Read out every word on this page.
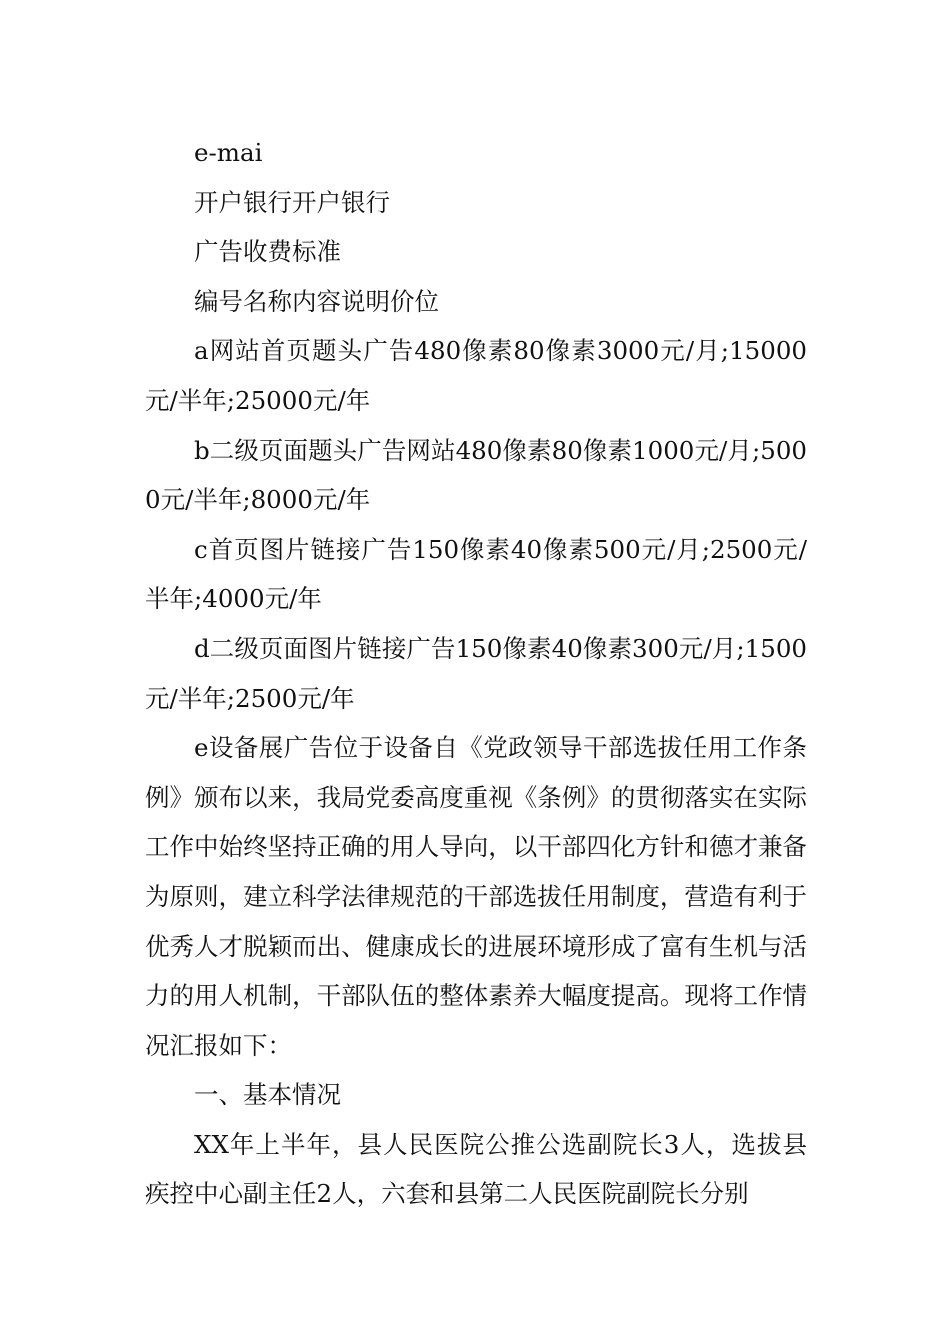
e-mai

开户银行开户银行

广告收费标准

编号名称内容说明价位

a网站首页题头广告480像素80像素3000元/月;15000元/半年;25000元/年

b二级页面题头广告网站480像素80像素1000元/月;5000元/半年;8000元/年

c首页图片链接广告150像素40像素500元/月;2500元/半年;4000元/年

d二级页面图片链接广告150像素40像素300元/月;1500元/半年;2500元/年

e设备展广告位于设备自《党政领导干部选拔任用工作条例》颁布以来，我局党委高度重视《条例》的贯彻落实在实际工作中始终坚持正确的用人导向，以干部四化方针和德才兼备为原则，建立科学法律规范的干部选拔任用制度，营造有利于优秀人才脱颖而出、健康成长的进展环境形成了富有生机与活力的用人机制，干部队伍的整体素养大幅度提高。现将工作情况汇报如下：

一、基本情况

XX年上半年，县人民医院公推公选副院长3人，选拔县疾控中心副主任2人，六套和县第二人民医院副院长分别
